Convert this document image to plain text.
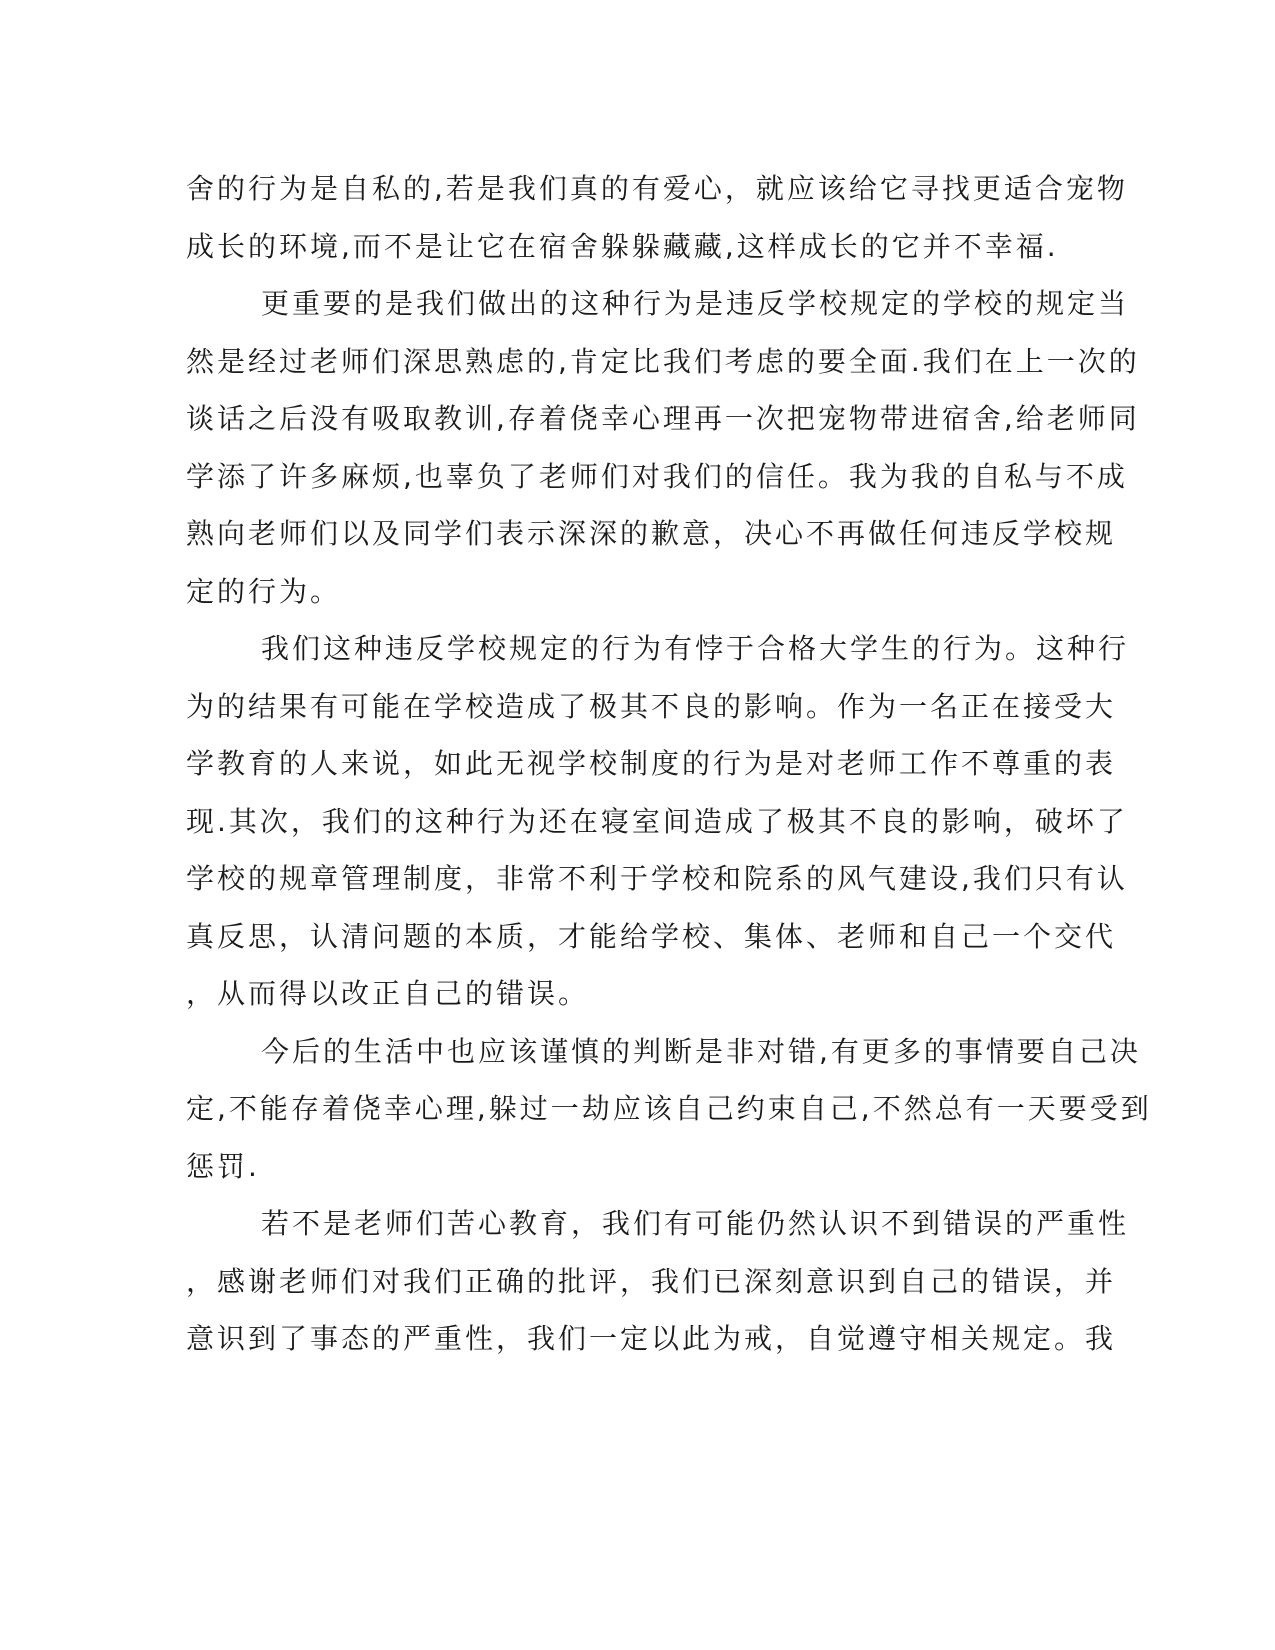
舍的行为是自私的,若是我们真的有爱心，就应该给它寻找更适合宠物
成长的环境,而不是让它在宿舍躲躲藏藏,这样成长的它并不幸福.
更重要的是我们做出的这种行为是违反学校规定的学校的规定当
然是经过老师们深思熟虑的,肯定比我们考虑的要全面.我们在上一次的
谈话之后没有吸取教训,存着侥幸心理再一次把宠物带进宿舍,给老师同
学添了许多麻烦,也辜负了老师们对我们的信任。我为我的自私与不成
熟向老师们以及同学们表示深深的歉意，决心不再做任何违反学校规
定的行为。
我们这种违反学校规定的行为有悖于合格大学生的行为。这种行
为的结果有可能在学校造成了极其不良的影响。作为一名正在接受大
学教育的人来说，如此无视学校制度的行为是对老师工作不尊重的表
现.其次，我们的这种行为还在寝室间造成了极其不良的影响，破坏了
学校的规章管理制度，非常不利于学校和院系的风气建设,我们只有认
真反思，认清问题的本质，才能给学校、集体、老师和自己一个交代
，从而得以改正自己的错误。
今后的生活中也应该谨慎的判断是非对错,有更多的事情要自己决
定,不能存着侥幸心理,躲过一劫应该自己约束自己,不然总有一天要受到
惩罚.
若不是老师们苦心教育，我们有可能仍然认识不到错误的严重性
，感谢老师们对我们正确的批评，我们已深刻意识到自己的错误，并
意识到了事态的严重性，我们一定以此为戒，自觉遵守相关规定。我
